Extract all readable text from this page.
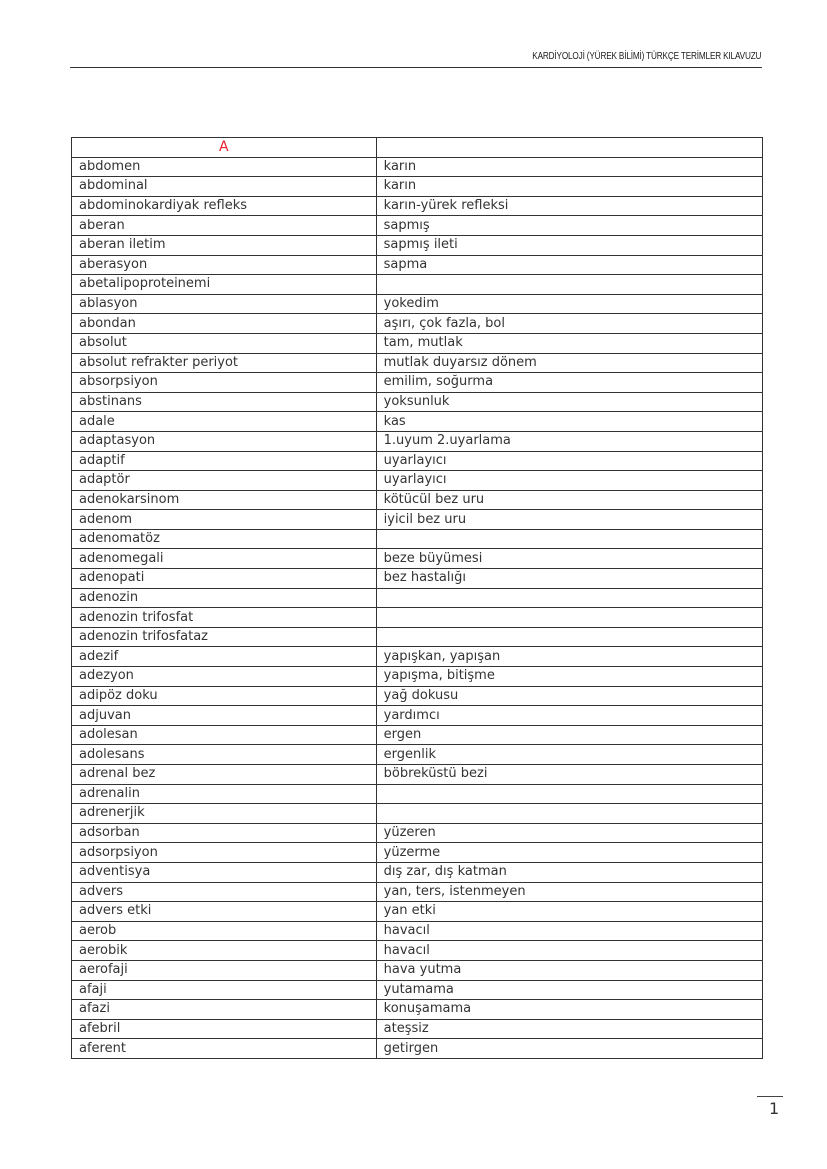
KARDİYOLOJİ (YÜREK BİLİMİ) TÜRKÇE TERİMLER KILAVUZU
A	
abdomen	karın
abdominal	karın
abdominokardiyak refleks	karın-yürek refleksi
aberan	sapmış
aberan iletim	sapmış ileti
aberasyon	sapma
abetalipoproteinemi	
ablasyon	yokedim
abondan	aşırı, çok fazla, bol
absolut	tam, mutlak
absolut refrakter periyot	mutlak duyarsız dönem
absorpsiyon	emilim, soğurma
abstinans	yoksunluk
adale	kas
adaptasyon	1.uyum 2.uyarlama
adaptif	uyarlayıcı
adaptör	uyarlayıcı
adenokarsinom	kötücül bez uru
adenom	iyicil bez uru
adenomatöz	
adenomegali	beze büyümesi
adenopati	bez hastalığı
adenozin	
adenozin trifosfat	
adenozin trifosfataz	
adezif	yapışkan, yapışan
adezyon	yapışma, bitişme
adipöz doku	yağ dokusu
adjuvan	yardımcı
adolesan	ergen
adolesans	ergenlik
adrenal bez	böbreküstü bezi
adrenalin	
adrenerjik	
adsorban	yüzeren
adsorpsiyon	yüzerme
adventisya	dış zar, dış katman
advers	yan, ters, istenmeyen
advers etki	yan etki
aerob	havacıl
aerobik	havacıl
aerofaji	hava yutma
afaji	yutamama
afazi	konuşamama
afebril	ateşsiz
aferent	getirgen
1
